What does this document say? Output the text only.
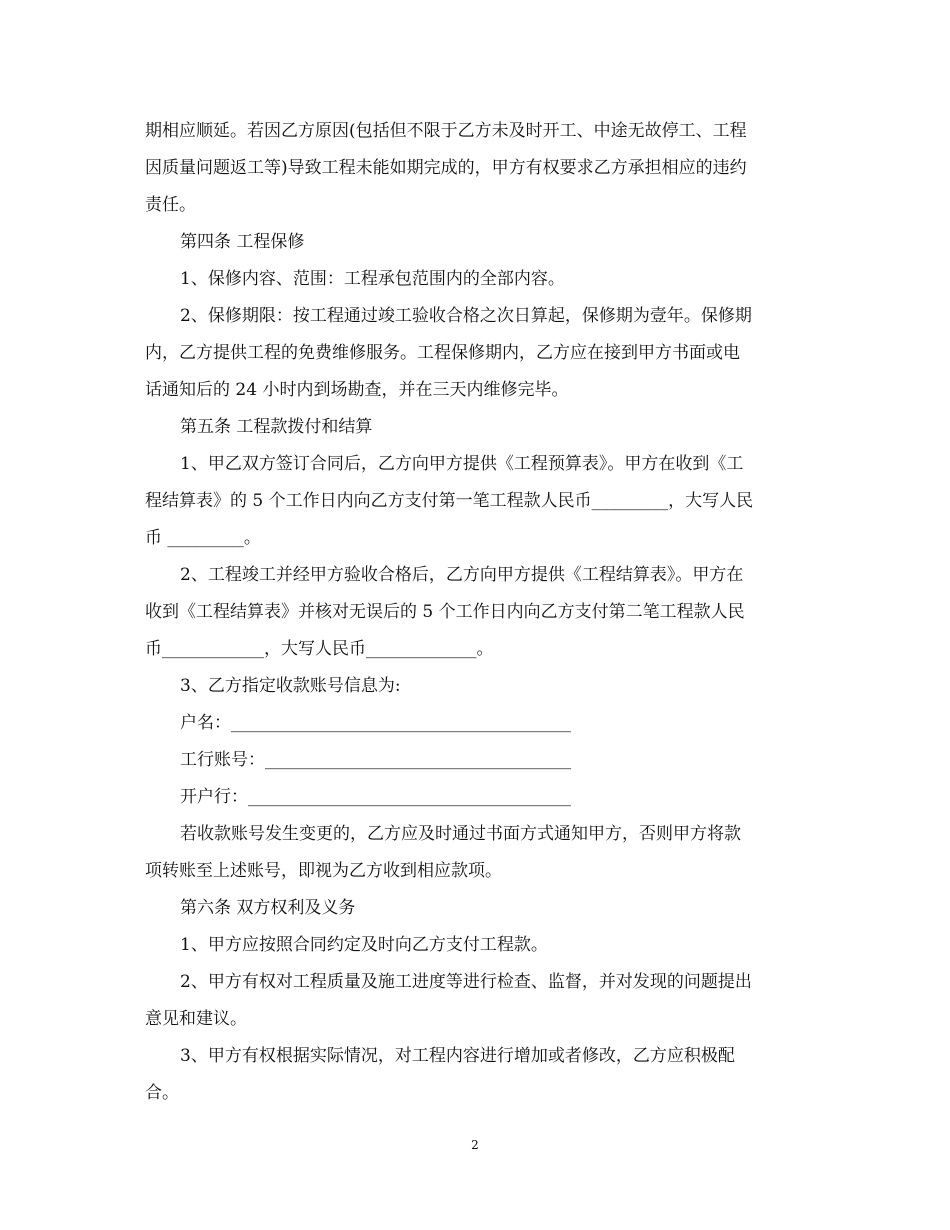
期相应顺延。若因乙方原因(包括但不限于乙方未及时开工、中途无故停工、工程
因质量问题返工等)导致工程未能如期完成的，甲方有权要求乙方承担相应的违约
责任。
第四条 工程保修
1、保修内容、范围：工程承包范围内的全部内容。
2、保修期限：按工程通过竣工验收合格之次日算起，保修期为壹年。保修期
内，乙方提供工程的免费维修服务。工程保修期内，乙方应在接到甲方书面或电
话通知后的 24 小时内到场勘查，并在三天内维修完毕。
第五条 工程款拨付和结算
1、甲乙双方签订合同后，乙方向甲方提供《工程预算表》。甲方在收到《工
程结算表》的 5 个工作日内向乙方支付第一笔工程款人民币_________，大写人民
币 _________。
2、工程竣工并经甲方验收合格后，乙方向甲方提供《工程结算表》。甲方在
收到《工程结算表》并核对无误后的 5 个工作日内向乙方支付第二笔工程款人民
币____________，大写人民币_____________。
3、乙方指定收款账号信息为:
户名：________________________________________
工行账号：____________________________________
开户行：______________________________________
若收款账号发生变更的，乙方应及时通过书面方式通知甲方，否则甲方将款
项转账至上述账号，即视为乙方收到相应款项。
第六条 双方权利及义务
1、甲方应按照合同约定及时向乙方支付工程款。
2、甲方有权对工程质量及施工进度等进行检查、监督，并对发现的问题提出
意见和建议。
3、甲方有权根据实际情况，对工程内容进行增加或者修改，乙方应积极配
合。
2
